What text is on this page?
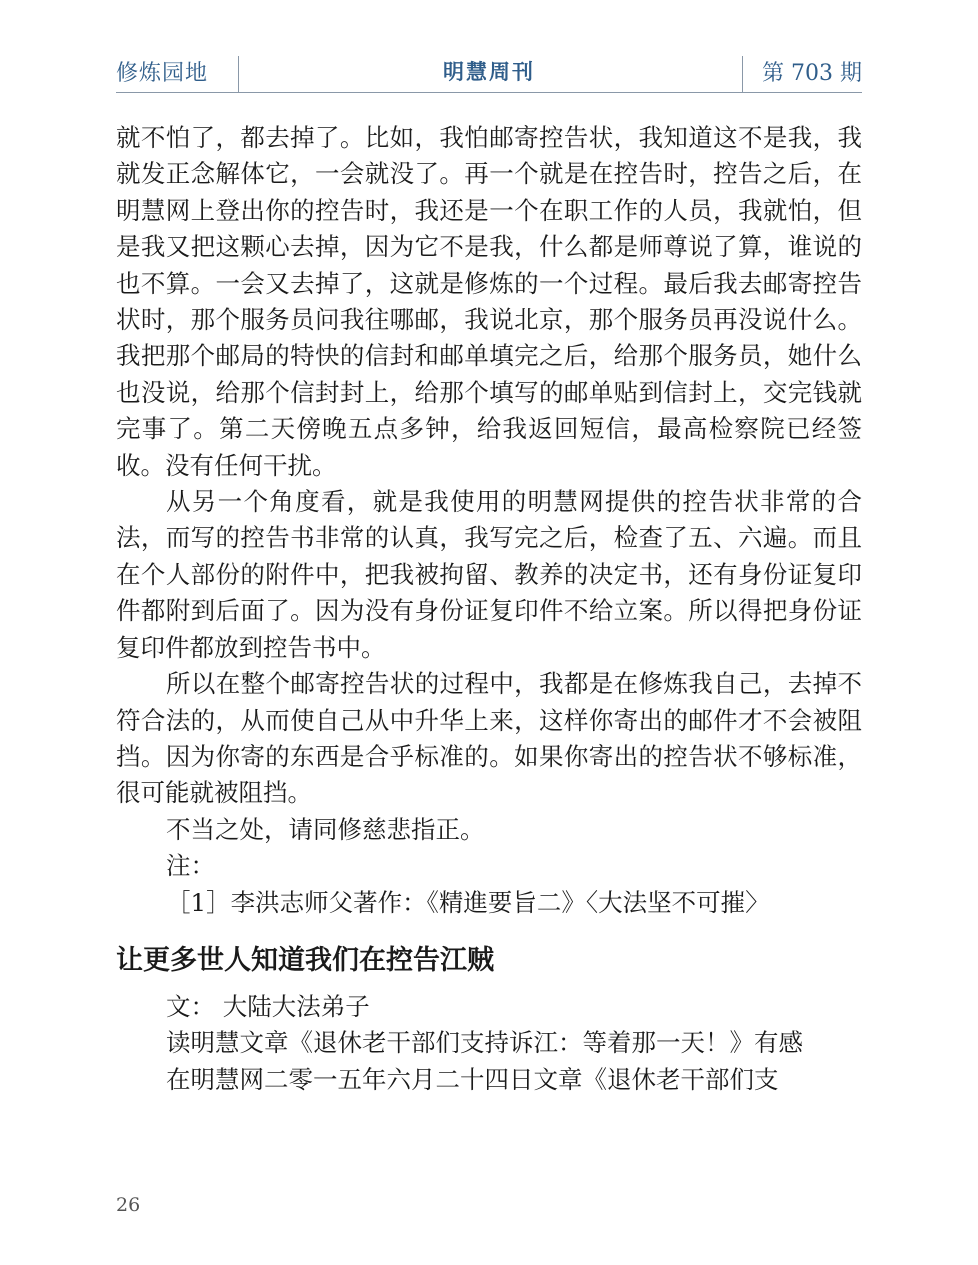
修炼园地	明慧周刊	第 703 期

就不怕了，都去掉了。比如，我怕邮寄控告状，我知道这不是我，我就发正念解体它，一会就没了。再一个就是在控告时，控告之后，在明慧网上登出你的控告时，我还是一个在职工作的人员，我就怕，但是我又把这颗心去掉，因为它不是我，什么都是师尊说了算，谁说的也不算。一会又去掉了，这就是修炼的一个过程。最后我去邮寄控告状时，那个服务员问我往哪邮，我说北京，那个服务员再没说什么。我把那个邮局的特快的信封和邮单填完之后，给那个服务员，她什么也没说，给那个信封封上，给那个填写的邮单贴到信封上，交完钱就完事了。第二天傍晚五点多钟，给我返回短信，最高检察院已经签收。没有任何干扰。

从另一个角度看，就是我使用的明慧网提供的控告状非常的合法，而写的控告书非常的认真，我写完之后，检查了五、六遍。而且在个人部份的附件中，把我被拘留、教养的决定书，还有身份证复印件都附到后面了。因为没有身份证复印件不给立案。所以得把身份证复印件都放到控告书中。

所以在整个邮寄控告状的过程中，我都是在修炼我自己，去掉不符合法的，从而使自己从中升华上来，这样你寄出的邮件才不会被阻挡。因为你寄的东西是合乎标准的。如果你寄出的控告状不够标准，很可能就被阻挡。

不当之处，请同修慈悲指正。

注：

［1］李洪志师父著作：《精進要旨二》〈大法坚不可摧〉

让更多世人知道我们在控告江贼

文： 大陆大法弟子

读明慧文章《退休老干部们支持诉江：等着那一天！》有感

在明慧网二零一五年六月二十四日文章《退休老干部们支

26
